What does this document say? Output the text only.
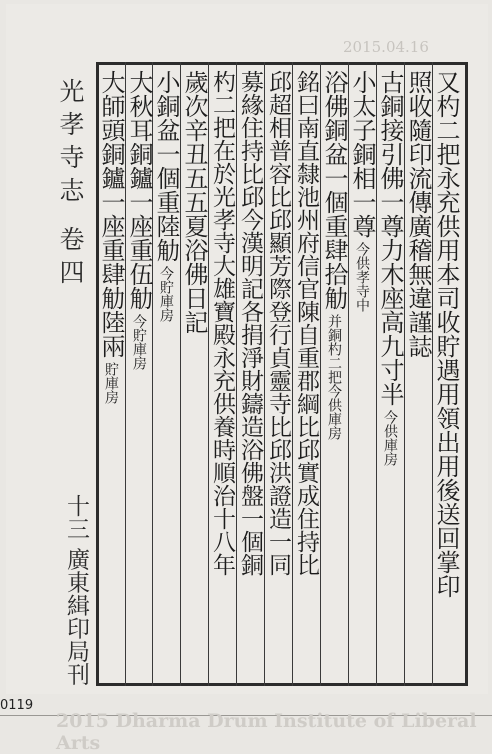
2015.04.16
又杓二把永充供用本司收貯遇用領出用後送回掌印
照收隨印流傳廣稽無違謹誌
古銅接引佛一尊力木座高九寸半今供庫房
小太子銅相一尊今供孝寺中
浴佛銅盆一個重肆拾觔并銅杓二把今供庫房
銘曰南直隸池州府信官陳自重郡綱比邱實成住持比
邱超相普容比邱顯芳際登行貞靈寺比邱洪證造一同
募緣住持比邱今漢明記各捐淨財鑄造浴佛盤一個銅
杓二把在於光孝寺大雄寶殿永充供養時順治十八年
歲次辛丑五五夏浴佛日記
小銅盆一個重陸觔今貯庫房
大秋耳銅鑪一座重伍觔今貯庫房
大師頭銅鑪一座重肆觔陸兩貯庫房
光孝寺志 卷四
十三 廣東緝印局刊
0119
2015 Dharma Drum Institute of Liberal Arts
